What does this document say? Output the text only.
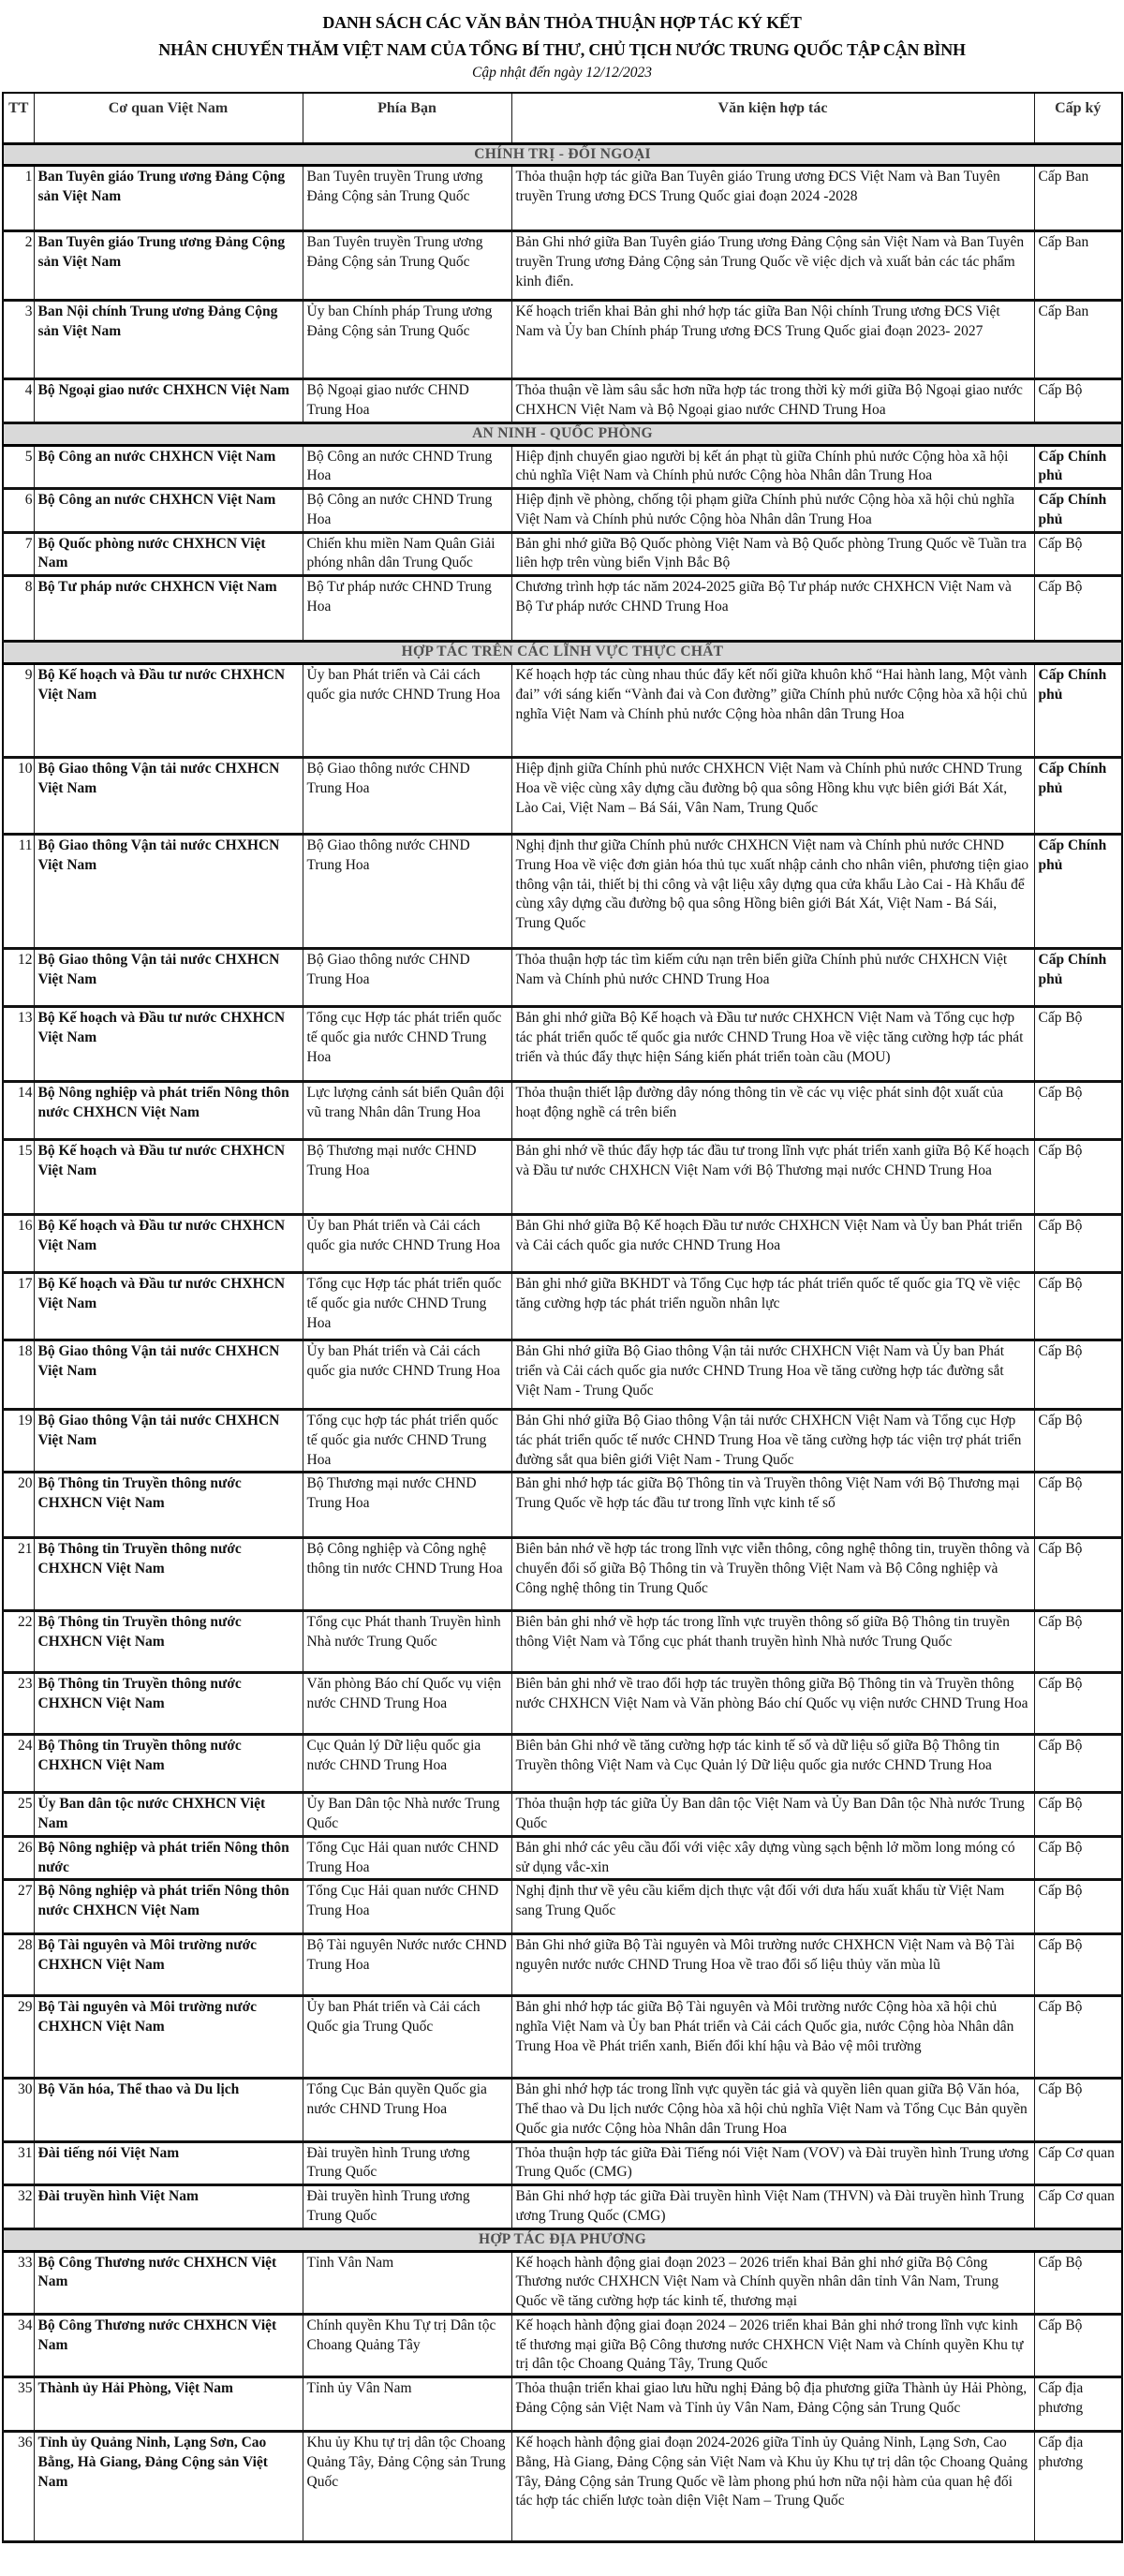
DANH SÁCH CÁC VĂN BẢN THỎA THUẬN HỢP TÁC KÝ KẾT
NHÂN CHUYẾN THĂM VIỆT NAM CỦA TỔNG BÍ THƯ, CHỦ TỊCH NƯỚC TRUNG QUỐC TẬP CẬN BÌNH
Cập nhật đến ngày 12/12/2023
TT	Cơ quan Việt Nam	Phía Bạn	Văn kiện hợp tác	Cấp ký
CHÍNH TRỊ - ĐỐI NGOẠI				
1	Ban Tuyên giáo Trung ương Đảng Cộng sản Việt Nam	Ban Tuyên truyền Trung ương Đảng Cộng sản Trung Quốc	Thỏa thuận hợp tác giữa Ban Tuyên giáo Trung ương ĐCS Việt Nam và Ban Tuyên truyền Trung ương ĐCS Trung Quốc giai đoạn 2024 -2028	Cấp Ban
2	Ban Tuyên giáo Trung ương Đảng Cộng sản Việt Nam	Ban Tuyên truyền Trung ương Đảng Cộng sản Trung Quốc	Bản Ghi nhớ giữa Ban Tuyên giáo Trung ương Đảng Cộng sản Việt Nam và Ban Tuyên truyền Trung ương Đảng Cộng sản Trung Quốc về việc dịch và xuất bản các tác phẩm kinh điển.	Cấp Ban
3	Ban Nội chính Trung ương Đảng Cộng sản Việt Nam	Ủy ban Chính pháp Trung ương Đảng Cộng sản Trung Quốc	Kế hoạch triển khai Bản ghi nhớ hợp tác giữa Ban Nội chính Trung ương ĐCS Việt Nam và Ủy ban Chính pháp Trung ương ĐCS Trung Quốc giai đoạn 2023- 2027	Cấp Ban
4	Bộ Ngoại giao nước CHXHCN Việt Nam	Bộ Ngoại giao nước CHND Trung Hoa	Thỏa thuận về làm sâu sắc hơn nữa hợp tác trong thời kỳ mới giữa Bộ Ngoại giao nước CHXHCN Việt Nam và Bộ Ngoại giao nước CHND Trung Hoa	Cấp Bộ
AN NINH - QUỐC PHÒNG				
5	Bộ Công an nước CHXHCN Việt Nam	Bộ Công an nước CHND Trung Hoa	Hiệp định chuyển giao người bị kết án phạt tù giữa Chính phủ nước Cộng hòa xã hội chủ nghĩa Việt Nam và Chính phủ nước Cộng hòa Nhân dân Trung Hoa	Cấp Chính phủ
6	Bộ Công an nước CHXHCN Việt Nam	Bộ Công an nước CHND Trung Hoa	Hiệp định về phòng, chống tội phạm giữa Chính phủ nước Cộng hòa xã hội chủ nghĩa Việt Nam và Chính phủ nước Cộng hòa Nhân dân Trung Hoa	Cấp Chính phủ
7	Bộ Quốc phòng nước CHXHCN Việt Nam	Chiến khu miền Nam Quân Giải phóng nhân dân Trung Quốc	Bản ghi nhớ giữa Bộ Quốc phòng Việt Nam và Bộ Quốc phòng Trung Quốc về Tuần tra liên hợp trên vùng biển Vịnh Bắc Bộ	Cấp Bộ
8	Bộ Tư pháp nước CHXHCN Việt Nam	Bộ Tư pháp nước CHND Trung Hoa	Chương trình hợp tác năm 2024-2025 giữa Bộ Tư pháp nước CHXHCN Việt Nam và Bộ Tư pháp nước CHND Trung Hoa	Cấp Bộ
HỢP TÁC TRÊN CÁC LĨNH VỰC THỰC CHẤT				
9	Bộ Kế hoạch và Đầu tư nước CHXHCN Việt Nam	Ủy ban Phát triển và Cải cách quốc gia nước CHND Trung Hoa	Kế hoạch hợp tác cùng nhau thúc đẩy kết nối giữa khuôn khổ “Hai hành lang, Một vành đai” với sáng kiến “Vành đai và Con đường” giữa Chính phủ nước Cộng hòa xã hội chủ nghĩa Việt Nam và Chính phủ nước Cộng hòa nhân dân Trung Hoa	Cấp Chính phủ
10	Bộ Giao thông Vận tải nước CHXHCN Việt Nam	Bộ Giao thông nước CHND Trung Hoa	Hiệp định giữa Chính phủ nước CHXHCN Việt Nam và Chính phủ nước CHND Trung Hoa về việc cùng xây dựng cầu đường bộ qua sông Hồng khu vực biên giới Bát Xát, Lào Cai, Việt Nam – Bá Sái, Vân Nam, Trung Quốc	Cấp Chính phủ
11	Bộ Giao thông Vận tải nước CHXHCN Việt Nam	Bộ Giao thông nước CHND Trung Hoa	Nghị định thư giữa Chính phủ nước CHXHCN Việt nam và Chính phủ nước CHND Trung Hoa về việc đơn giản hóa thủ tục xuất nhập cảnh cho nhân viên, phương tiện giao thông vận tải, thiết bị thi công và vật liệu xây dựng qua cửa khẩu Lào Cai - Hà Khẩu để cùng xây dựng cầu đường bộ qua sông Hồng biên giới Bát Xát, Việt Nam - Bá Sái, Trung Quốc	Cấp Chính phủ
12	Bộ Giao thông Vận tải nước CHXHCN Việt Nam	Bộ Giao thông nước CHND Trung Hoa	Thỏa thuận hợp tác tìm kiếm cứu nạn trên biển giữa Chính phủ nước CHXHCN Việt Nam và Chính phủ nước CHND Trung Hoa	Cấp Chính phủ
13	Bộ Kế hoạch và Đầu tư nước CHXHCN Việt Nam	Tổng cục Hợp tác phát triển quốc tế quốc gia nước CHND Trung Hoa	Bản ghi nhớ giữa Bộ Kế hoạch và Đầu tư nước CHXHCN Việt Nam và Tổng cục hợp tác phát triển quốc tế quốc gia nước CHND Trung Hoa về việc tăng cường hợp tác phát triển và thúc đẩy thực hiện Sáng kiến phát triển toàn cầu (MOU)	Cấp Bộ
14	Bộ Nông nghiệp và phát triển Nông thôn nước CHXHCN Việt Nam	Lực lượng cảnh sát biển Quân đội vũ trang Nhân dân Trung Hoa	Thỏa thuận thiết lập đường dây nóng thông tin về các vụ việc phát sinh đột xuất của hoạt động nghề cá trên biển	Cấp Bộ
15	Bộ Kế hoạch và Đầu tư nước CHXHCN Việt Nam	Bộ Thương mại nước CHND Trung Hoa	Bản ghi nhớ về thúc đẩy hợp tác đầu tư trong lĩnh vực phát triển xanh giữa Bộ Kế hoạch và Đầu tư nước CHXHCN Việt Nam với Bộ Thương mại nước CHND Trung Hoa	Cấp Bộ
16	Bộ Kế hoạch và Đầu tư nước CHXHCN Việt Nam	Ủy ban Phát triển và Cải cách quốc gia nước CHND Trung Hoa	Bản Ghi nhớ giữa Bộ Kế hoạch Đầu tư nước CHXHCN Việt Nam và Ủy ban Phát triển và Cải cách quốc gia nước CHND Trung Hoa	Cấp Bộ
17	Bộ Kế hoạch và Đầu tư nước CHXHCN Việt Nam	Tổng cục Hợp tác phát triển quốc tế quốc gia nước CHND Trung Hoa	Bản ghi nhớ giữa BKHDT và Tổng Cục hợp tác phát triển quốc tế quốc gia TQ về việc tăng cường hợp tác phát triển nguồn nhân lực	Cấp Bộ
18	Bộ Giao thông Vận tải nước CHXHCN Việt Nam	Ủy ban Phát triển và Cải cách quốc gia nước CHND Trung Hoa	Bản Ghi nhớ giữa Bộ Giao thông Vận tải nước CHXHCN Việt Nam và Ủy ban Phát triển và Cải cách quốc gia nước CHND Trung Hoa về tăng cường hợp tác đường sắt Việt Nam - Trung Quốc	Cấp Bộ
19	Bộ Giao thông Vận tải nước CHXHCN Việt Nam	Tổng cục hợp tác phát triển quốc tế quốc gia nước CHND Trung Hoa	Bản Ghi nhớ giữa Bộ Giao thông Vận tải nước CHXHCN Việt Nam và Tổng cục Hợp tác phát triển quốc tế nước CHND Trung Hoa về tăng cường hợp tác viện trợ phát triển đường sắt qua biên giới Việt Nam - Trung Quốc	Cấp Bộ
20	Bộ Thông tin Truyền thông nước CHXHCN Việt Nam	Bộ Thương mại nước CHND Trung Hoa	Bản ghi nhớ hợp tác giữa Bộ Thông tin và Truyền thông Việt Nam với Bộ Thương mại Trung Quốc về hợp tác đầu tư trong lĩnh vực kinh tế số	Cấp Bộ
21	Bộ Thông tin Truyền thông nước CHXHCN Việt Nam	Bộ Công nghiệp và Công nghệ thông tin nước CHND Trung Hoa	Biên bản nhớ về hợp tác trong lĩnh vực viễn thông, công nghệ thông tin, truyền thông và chuyển đổi số giữa Bộ Thông tin và Truyền thông Việt Nam và Bộ Công nghiệp và Công nghệ thông tin Trung Quốc	Cấp Bộ
22	Bộ Thông tin Truyền thông nước CHXHCN Việt Nam	Tổng cục Phát thanh Truyền hình Nhà nước Trung Quốc	Biên bản ghi nhớ về hợp tác trong lĩnh vực truyền thông số giữa Bộ Thông tin truyền thông Việt Nam và Tổng cục phát thanh truyền hình Nhà nước Trung Quốc	Cấp Bộ
23	Bộ Thông tin Truyền thông nước CHXHCN Việt Nam	Văn phòng Báo chí Quốc vụ viện nước CHND Trung Hoa	Biên bản ghi nhớ về trao đổi hợp tác truyền thông giữa Bộ Thông tin và Truyền thông nước CHXHCN Việt Nam và Văn phòng Báo chí Quốc vụ viện nước CHND Trung Hoa	Cấp Bộ
24	Bộ Thông tin Truyền thông nước CHXHCN Việt Nam	Cục Quản lý Dữ liệu quốc gia nước CHND Trung Hoa	Biên bản Ghi nhớ về tăng cường hợp tác kinh tế số và dữ liệu số giữa Bộ Thông tin Truyền thông Việt Nam và Cục Quản lý Dữ liệu quốc gia nước CHND Trung Hoa	Cấp Bộ
25	Ủy Ban dân tộc nước CHXHCN Việt Nam	Ủy Ban Dân tộc Nhà nước Trung Quốc	Thỏa thuận hợp tác giữa Ủy Ban dân tộc Việt Nam và Ủy Ban Dân tộc Nhà nước Trung Quốc	Cấp Bộ
26	Bộ Nông nghiệp và phát triển Nông thôn nước	Tổng Cục Hải quan nước CHND Trung Hoa	Bản ghi nhớ các yêu cầu đối với việc xây dựng vùng sạch bệnh lở mồm long móng có sử dụng vắc-xin	Cấp Bộ
27	Bộ Nông nghiệp và phát triển Nông thôn nước CHXHCN Việt Nam	Tổng Cục Hải quan nước CHND Trung Hoa	Nghị định thư về yêu cầu kiểm dịch thực vật đối với dưa hấu xuất khẩu từ Việt Nam sang Trung Quốc	Cấp Bộ
28	Bộ Tài nguyên và Môi trường nước CHXHCN Việt Nam	Bộ Tài nguyên Nước nước CHND Trung Hoa	Bản Ghi nhớ giữa Bộ Tài nguyên và Môi trường nước CHXHCN Việt Nam và Bộ Tài nguyên nước nước CHND Trung Hoa về trao đổi số liệu thủy văn mùa lũ	Cấp Bộ
29	Bộ Tài nguyên và Môi trường nước CHXHCN Việt Nam	Ủy ban Phát triển và Cải cách Quốc gia Trung Quốc	Bản ghi nhớ hợp tác giữa Bộ Tài nguyên và Môi trường nước Cộng hòa xã hội chủ nghĩa Việt Nam và Ủy ban Phát triển và Cải cách Quốc gia, nước Cộng hòa Nhân dân Trung Hoa về Phát triển xanh, Biến đổi khí hậu và Bảo vệ môi trường	Cấp Bộ
30	Bộ Văn hóa, Thể thao và Du lịch	Tổng Cục Bản quyền Quốc gia nước CHND Trung Hoa	Bản ghi nhớ hợp tác trong lĩnh vực quyền tác giả và quyền liên quan giữa Bộ Văn hóa, Thể thao và Du lịch nước Cộng hòa xã hội chủ nghĩa Việt Nam và Tổng Cục Bản quyền Quốc gia nước Cộng hòa Nhân dân Trung Hoa	Cấp Bộ
31	Đài tiếng nói Việt Nam	Đài truyền hình Trung ương Trung Quốc	Thỏa thuận hợp tác giữa Đài Tiếng nói Việt Nam (VOV) và Đài truyền hình Trung ương Trung Quốc (CMG)	Cấp Cơ quan
32	Đài truyền hình Việt Nam	Đài truyền hình Trung ương Trung Quốc	Bản Ghi nhớ hợp tác giữa Đài truyền hình Việt Nam (THVN) và Đài truyền hình Trung ương Trung Quốc (CMG)	Cấp Cơ quan
HỢP TÁC ĐỊA PHƯƠNG				
33	Bộ Công Thương nước CHXHCN Việt Nam	Tỉnh Vân Nam	Kế hoạch hành động giai đoạn 2023 – 2026 triển khai Bản ghi nhớ giữa Bộ Công Thương nước CHXHCN Việt Nam và Chính quyền nhân dân tỉnh Vân Nam, Trung Quốc về tăng cường hợp tác kinh tế, thương mại	Cấp Bộ
34	Bộ Công Thương nước CHXHCN Việt Nam	Chính quyền Khu Tự trị Dân tộc Choang Quảng Tây	Kế hoạch hành động giai đoạn 2024 – 2026 triển khai Bản ghi nhớ trong lĩnh vực kinh tế thương mại giữa Bộ Công thương nước CHXHCN Việt Nam và Chính quyền Khu tự trị dân tộc Choang Quảng Tây, Trung Quốc	Cấp Bộ
35	Thành ủy Hải Phòng, Việt Nam	Tỉnh ủy Vân Nam	Thỏa thuận triển khai giao lưu hữu nghị Đảng bộ địa phương giữa Thành ủy Hải Phòng, Đảng Cộng sản Việt Nam và Tỉnh ủy Vân Nam, Đảng Cộng sản Trung Quốc	Cấp địa phương
36	Tỉnh ủy Quảng Ninh, Lạng Sơn, Cao Bằng, Hà Giang, Đảng Cộng sản Việt Nam	Khu ủy Khu tự trị dân tộc Choang Quảng Tây, Đảng Cộng sản Trung Quốc	Kế hoạch hành động giai đoạn 2024-2026 giữa Tỉnh ủy Quảng Ninh, Lạng Sơn, Cao Bằng, Hà Giang, Đảng Cộng sản Việt Nam và Khu ủy Khu tự trị dân tộc Choang Quảng Tây, Đảng Cộng sản Trung Quốc về làm phong phú hơn nữa nội hàm của quan hệ đối tác hợp tác chiến lược toàn diện Việt Nam – Trung Quốc	Cấp địa phương
